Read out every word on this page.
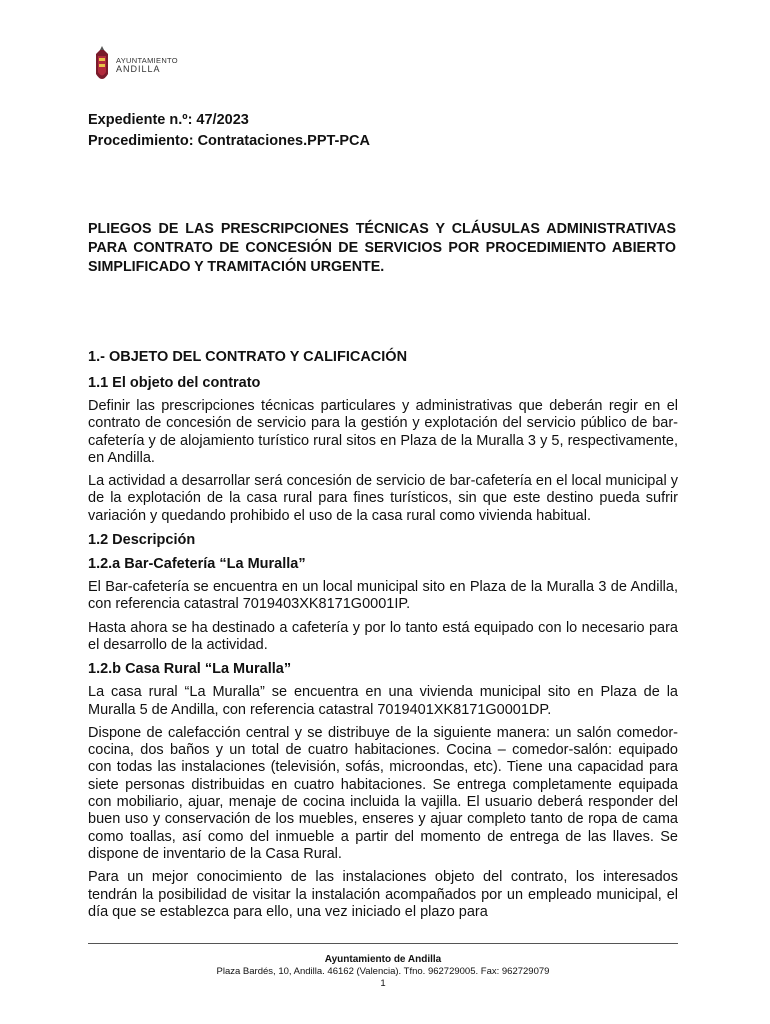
AYUNTAMIENTO
ANDILLA
Expediente n.º: 47/2023
Procedimiento: Contrataciones.PPT-PCA
PLIEGOS DE LAS PRESCRIPCIONES TÉCNICAS Y CLÁUSULAS ADMINISTRATIVAS PARA CONTRATO DE CONCESIÓN DE SERVICIOS POR PROCEDIMIENTO ABIERTO SIMPLIFICADO Y TRAMITACIÓN URGENTE.
1.- OBJETO DEL CONTRATO Y CALIFICACIÓN
1.1 El objeto del contrato

Definir las prescripciones técnicas particulares y administrativas que deberán regir en el contrato de concesión de servicio para la gestión y explotación del servicio público de bar-cafetería y de alojamiento turístico rural sitos en Plaza de la Muralla 3 y 5, respectivamente, en Andilla.

La actividad a desarrollar será concesión de servicio de bar-cafetería en el local municipal y de la explotación de la casa rural para fines turísticos, sin que este destino pueda sufrir variación y quedando prohibido el uso de la casa rural como vivienda habitual.

1.2 Descripción
1.2.a Bar-Cafetería “La Muralla”

El Bar-cafetería se encuentra en un local municipal sito en Plaza de la Muralla 3 de Andilla, con referencia catastral 7019403XK8171G0001IP.

Hasta ahora se ha destinado a cafetería y por lo tanto está equipado con lo necesario para el desarrollo de la actividad.

1.2.b Casa Rural “La Muralla”

La casa rural “La Muralla” se encuentra en una vivienda municipal sito en Plaza de la Muralla 5 de Andilla, con referencia catastral 7019401XK8171G0001DP.

Dispone de calefacción central y se distribuye de la siguiente manera: un salón comedor-cocina, dos baños y un total de cuatro habitaciones. Cocina – comedor-salón: equipado con todas las instalaciones (televisión, sofás, microondas, etc). Tiene una capacidad para siete personas distribuidas en cuatro habitaciones. Se entrega completamente equipada con mobiliario, ajuar, menaje de cocina incluida la vajilla. El usuario deberá responder del buen uso y conservación de los muebles, enseres y ajuar completo tanto de ropa de cama como toallas, así como del inmueble a partir del momento de entrega de las llaves. Se dispone de inventario de la Casa Rural.

Para un mejor conocimiento de las instalaciones objeto del contrato, los interesados tendrán la posibilidad de visitar la instalación acompañados por un empleado municipal, el día que se establezca para ello, una vez iniciado el plazo para

Ayuntamiento de Andilla
Plaza Bardés, 10, Andilla. 46162 (Valencia). Tfno. 962729005. Fax: 962729079
1
